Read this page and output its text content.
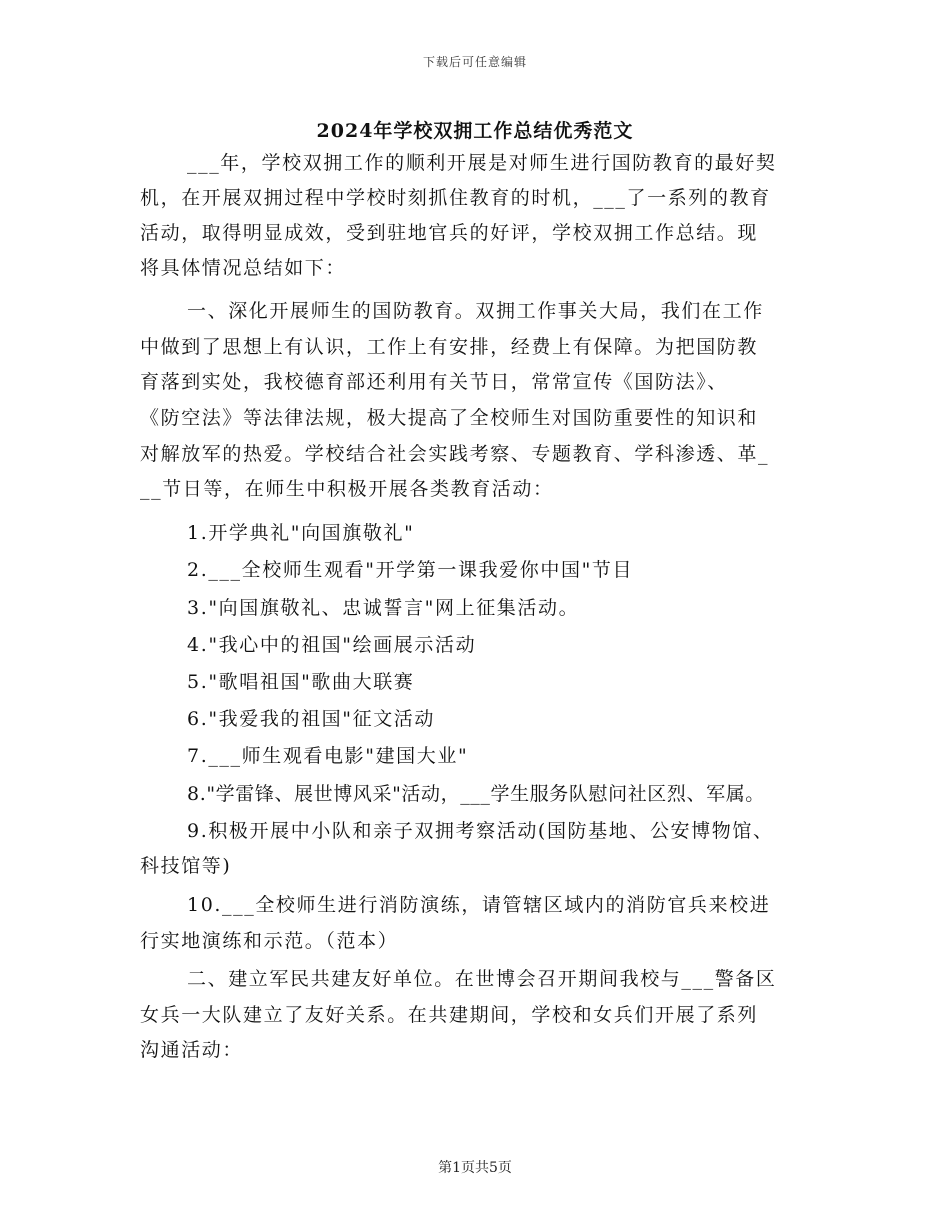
下载后可任意编辑
2024年学校双拥工作总结优秀范文
___年，学校双拥工作的顺利开展是对师生进行国防教育的最好契
机，在开展双拥过程中学校时刻抓住教育的时机，___了一系列的教育
活动，取得明显成效，受到驻地官兵的好评，学校双拥工作总结。现
将具体情况总结如下：
一、深化开展师生的国防教育。双拥工作事关大局，我们在工作
中做到了思想上有认识，工作上有安排，经费上有保障。为把国防教
育落到实处，我校德育部还利用有关节日，常常宣传《国防法》、
《防空法》等法律法规，极大提高了全校师生对国防重要性的知识和
对解放军的热爱。学校结合社会实践考察、专题教育、学科渗透、革_
__节日等，在师生中积极开展各类教育活动：
1.开学典礼"向国旗敬礼"
2.___全校师生观看"开学第一课我爱你中国"节目
3."向国旗敬礼、忠诚誓言"网上征集活动。
4."我心中的祖国"绘画展示活动
5."歌唱祖国"歌曲大联赛
6."我爱我的祖国"征文活动
7.___师生观看电影"建国大业"
8."学雷锋、展世博风采"活动，___学生服务队慰问社区烈、军属。
9.积极开展中小队和亲子双拥考察活动(国防基地、公安博物馆、
科技馆等)
10.___全校师生进行消防演练，请管辖区域内的消防官兵来校进
行实地演练和示范。（范本）
二、建立军民共建友好单位。在世博会召开期间我校与___警备区
女兵一大队建立了友好关系。在共建期间，学校和女兵们开展了系列
沟通活动：
第1页共5页
